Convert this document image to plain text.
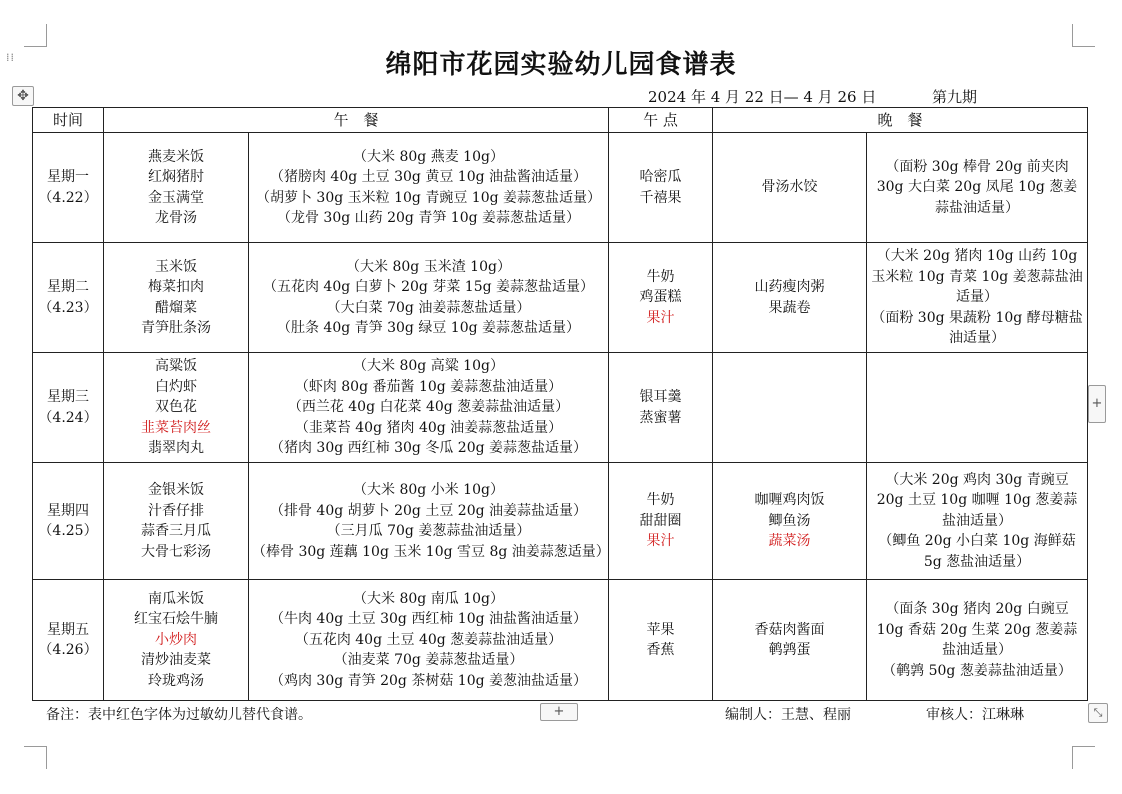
⁞⁞
✥
绵阳市花园实验幼儿园食谱表
2024 年 4 月 22 日— 4 月 26 日	第九期
时间	午　餐		午 点	晚　餐	

星期一
（4.22）	燕麦米饭
红焖猪肘
金玉满堂
龙骨汤	（大米 80g 燕麦 10g）
（猪膀肉 40g 土豆 30g 黄豆 10g 油盐酱油适量）
（胡萝卜 30g 玉米粒 10g 青豌豆 10g 姜蒜葱盐适量）
（龙骨 30g 山药 20g 青笋 10g 姜蒜葱盐适量）	哈密瓜
千禧果	骨汤水饺	（面粉 30g 棒骨 20g 前夹肉 30g 大白菜 20g 凤尾 10g 葱姜蒜盐油适量）

星期二
（4.23）	玉米饭
梅菜扣肉
醋熘菜
青笋肚条汤	（大米 80g 玉米渣 10g）
（五花肉 40g 白萝卜 20g 芽菜 15g 姜蒜葱盐适量）
（大白菜 70g 油姜蒜葱盐适量）
（肚条 40g 青笋 30g 绿豆 10g 姜蒜葱盐适量）	牛奶
鸡蛋糕
果汁	山药瘦肉粥
果蔬卷	（大米 20g 猪肉 10g 山药 10g 玉米粒 10g 青菜 10g 姜葱蒜盐油适量）
（面粉 30g 果蔬粉 10g 酵母糖盐油适量）

星期三
（4.24）	高粱饭
白灼虾
双色花
韭菜苔肉丝
翡翠肉丸	（大米 80g 高粱 10g）
（虾肉 80g 番茄酱 10g 姜蒜葱盐油适量）
（西兰花 40g 白花菜 40g 葱姜蒜盐油适量）
（韭菜苔 40g 猪肉 40g 油姜蒜葱盐适量）
（猪肉 30g 西红柿 30g 冬瓜 20g 姜蒜葱盐适量）	银耳羹
蒸蜜薯		

星期四
（4.25）	金银米饭
汁香仔排
蒜香三月瓜
大骨七彩汤	（大米 80g 小米 10g）
（排骨 40g 胡萝卜 20g 土豆 20g 油姜蒜盐适量）
（三月瓜 70g 姜葱蒜盐油适量）
（棒骨 30g 莲藕 10g 玉米 10g 雪豆 8g 油姜蒜葱适量）	牛奶
甜甜圈
果汁	咖喱鸡肉饭
鲫鱼汤
蔬菜汤	（大米 20g 鸡肉 30g 青豌豆 20g 土豆 10g 咖喱 10g 葱姜蒜盐油适量）
（鲫鱼 20g 小白菜 10g 海鲜菇 5g 葱盐油适量）

星期五
（4.26）	南瓜米饭
红宝石烩牛腩
小炒肉
清炒油麦菜
玲珑鸡汤	（大米 80g 南瓜 10g）
（牛肉 40g 土豆 30g 西红柿 10g 油盐酱油适量）
（五花肉 40g 土豆 40g 葱姜蒜盐油适量）
（油麦菜 70g 姜蒜葱盐适量）
（鸡肉 30g 青笋 20g 茶树菇 10g 姜葱油盐适量）	苹果
香蕉	香菇肉酱面
鹌鹑蛋	（面条 30g 猪肉 20g 白豌豆 10g 香菇 20g 生菜 20g 葱姜蒜盐油适量）
（鹌鹑 50g 葱姜蒜盐油适量）
+
备注：表中红色字体为过敏幼儿替代食谱。	+	编制人：王慧、程丽	审核人：江琳琳	⤡
